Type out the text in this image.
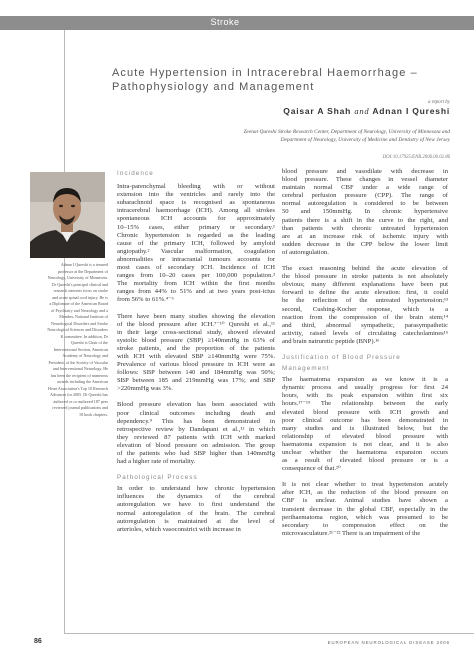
Stroke
Acute Hypertension in Intracerebral Haemorrhage –
Pathophysiology and Management
a report by
Qaisar A Shah and Adnan I Qureshi
Zeenat Qureshi Stroke Research Center, Department of Neurology, University of Minnesota and
Department of Neurology, University of Medicine and Dentistry of New Jersey
DOI:10.17925/ENR.2006.00.02.86
Adnan I Qureshi is a tenured
professor at the Department of
Neurology, University of Minnesota.
Dr Qureshi's principal clinical and
research interests focus on stroke
and acute spinal cord injury. He is
a Diplomate of the American Board
of Psychiatry and Neurology and a
Member, National Institute of
Neurological Disorders and Stroke
Neurological Sciences and Disorders
K committee. In addition, Dr
Qureshi is Chair of the
Interventional Section, American
Academy of Neurology and
President, of the Society of Vascular
and Interventional Neurology. He
has been the recipient of numerous
awards including the American
Heart Association's Top 10 Research
Advances for 2005. Dr Qureshi has
authored or co-authored 187 peer
reviewed journal publications and
18 book chapters.
Incidence
Intra-parenchymal bleeding with or without
extension into the ventricles and rarely into the
subarachnoid space is recognised as spontaneous
intracerebral haemorrhage (ICH). Among all strokes
spontaneous ICH accounts for approximately
10–15% cases, either primary or secondary.¹
Chronic hypertension is regarded as the leading
cause of the primary ICH, followed by amyloid
angiopathy.² Vascular malformation, coagulation
abnormalities or intracranial tumours accounts for
most cases of secondary ICH. Incidence of ICH
ranges from 10–20 cases per 100,000 population.³
The mortality from ICH within the first months
ranges from 44% to 51% and at two years post-ictus
from 56% to 61%.⁴⁻⁶
There have been many studies showing the elevation
of the blood pressure after ICH.⁷⁻¹⁰ Qureshi et al.,¹¹
in their large cross-sectional study, showed elevated
systolic blood pressure (SBP) ≥140mmHg in 63% of
stroke patients, and the proportion of the patients
with ICH with elevated SBP ≥140mmHg were 75%.
Prevalence of various blood pressure in ICH were as
follows: SBP between 140 and 184mmHg was 50%;
SBP between 185 and 219mmHg was 17%; and SBP
>220mmHg was 3%.
Blood pressure elevation has been associated with
poor clinical outcomes including death and
dependency.⁹ This has been demonstrated in
retrospective review by Dandapani et al.,¹² in which
they reviewed 87 patients with ICH with marked
elevation of blood pressure on admission. The group
of the patients who had SBP higher than 140mmHg
had a higher rate of mortality.
Pathological Process
In order to understand how chronic hypertension
influences the dynamics of the cerebral
autoregulation we have to first understand the
normal autoregulation of the brain. The cerebral
autoregulation is maintained at the level of
arterioles, which vasoconstrict with increase in
blood pressure and vasodilate with decrease in
blood pressure. These changes in vessel diameter
maintain normal CBF under a wide range of
cerebral perfusion pressure (CPP). The range of
normal autoregulation is considered to be between
50 and 150mmHg. In chronic hypertensive
patients there is a shift in the curve to the right, and
than patients with chronic untreated hypertension
are at an increase risk of ischemic injury with
sudden decrease in the CPP below the lower limit
of autoregulation.
The exact reasoning behind the acute elevation of
the blood pressure in stroke patients is not absolutely
obvious; many different explanations have been put
forward to define the acute elevation: first, it could
be the reflection of the untreated hypertension;¹³
second, Cushing-Kocher response, which is a
reaction from the compression of the brain stem;¹⁴
and third, abnormal sympathetic, parasympathetic
activity, raised levels of circulating catecholamines¹⁵
and brain natruretic peptide (BNP).¹⁶
Justification of Blood Pressure
Management
The haematoma expansion as we know it is a
dynamic process and usually progress for first 24
hours, with its peak expansion within first six
hours.¹⁷⁻¹⁹ The relationship between the early
elevated blood pressure with ICH growth and
poor clinical outcome has been demonstrated in
many studies and is illustrated below, but the
relationship of elevated blood pressure with
haematoma expansion is not clear, and it is also
unclear whether the haematoma expansion occurs
as a result of elevated blood pressure or is a
consequence of that.²⁰
It is not clear whether to treat hypertension acutely
after ICH, as the reduction of the blood pressure on
CBF is unclear. Animal studies have shown a
transient decrease in the global CBF, especially in the
perihaematoma region, which was presumed to be
secondary to compression effect on the
microvasculature.²¹⁻²² There is an impairment of the
86	EUROPEAN NEUROLOGICAL DISEASE 2006
